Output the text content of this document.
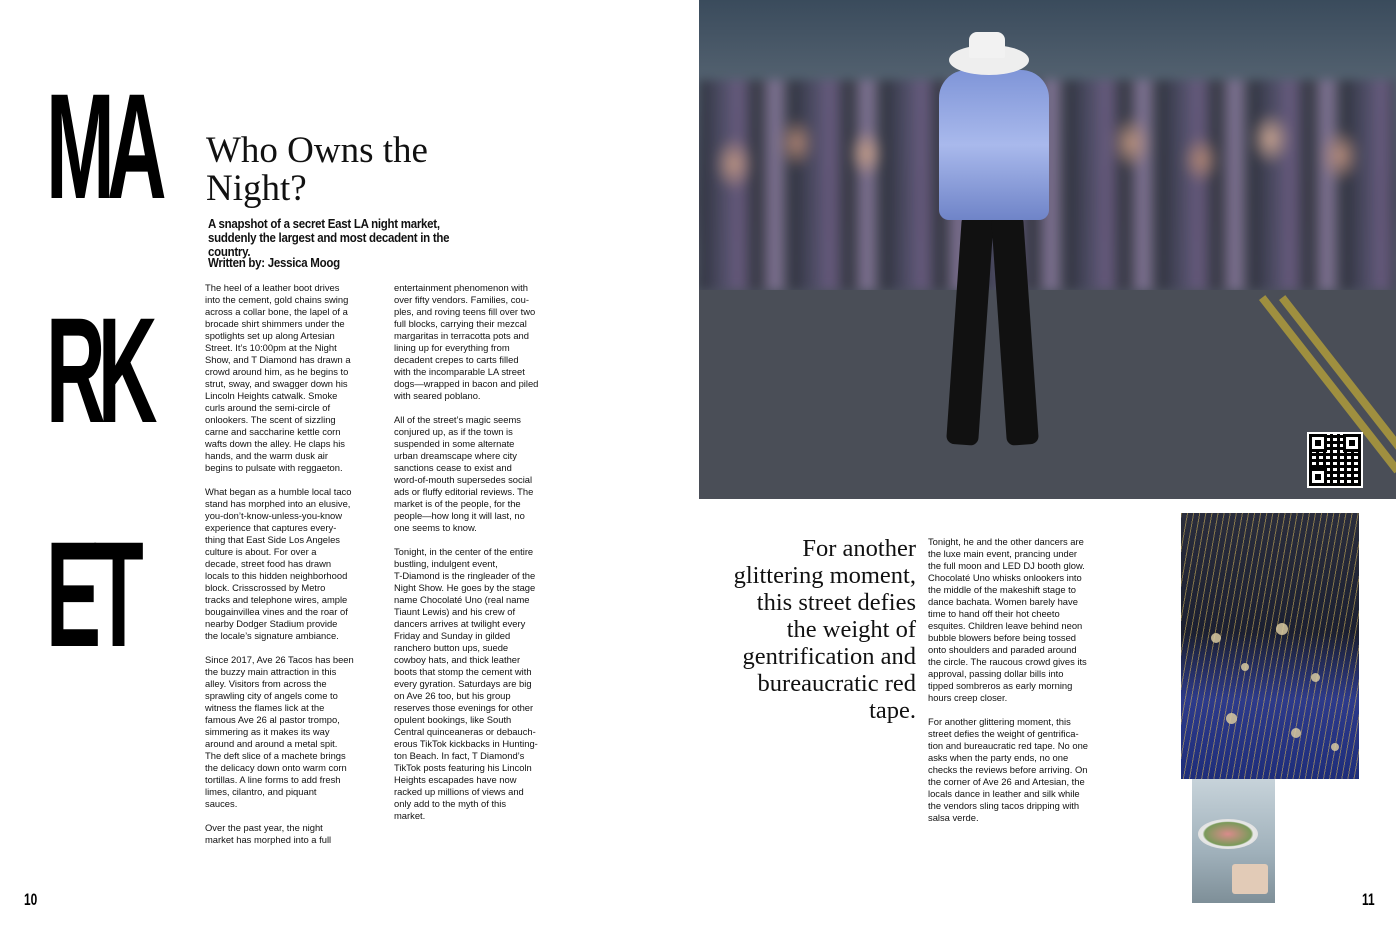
MA
RK
ET
Who Owns the Night?
A snapshot of a secret East LA night market, suddenly the largest and most decadent in the country.
Written by: Jessica Moog

The heel of a leather boot drives
into the cement, gold chains swing
across a collar bone, the lapel of a
brocade shirt shimmers under the
spotlights set up along Artesian
Street. It’s 10:00pm at the Night
Show, and T Diamond has drawn a
crowd around him, as he begins to
strut, sway, and swagger down his
Lincoln Heights catwalk. Smoke
curls around the semi-circle of
onlookers. The scent of sizzling
carne and saccharine kettle corn
wafts down the alley. He claps his
hands, and the warm dusk air
begins to pulsate with reggaeton.

What began as a humble local taco
stand has morphed into an elusive,
you-don’t-know-unless-you-know
experience that captures every-
thing that East Side Los Angeles
culture is about. For over a
decade, street food has drawn
locals to this hidden neighborhood
block. Crisscrossed by Metro
tracks and telephone wires, ample
bougainvillea vines and the roar of
nearby Dodger Stadium provide
the locale’s signature ambiance.

Since 2017, Ave 26 Tacos has been
the buzzy main attraction in this
alley. Visitors from across the
sprawling city of angels come to
witness the flames lick at the
famous Ave 26 al pastor trompo,
simmering as it makes its way
around and around a metal spit.
The deft slice of a machete brings
the delicacy down onto warm corn
tortillas. A line forms to add fresh
limes, cilantro, and piquant
sauces.

Over the past year, the night
market has morphed into a full

entertainment phenomenon with
over fifty vendors. Families, cou-
ples, and roving teens fill over two
full blocks, carrying their mezcal
margaritas in terracotta pots and
lining up for everything from
decadent crepes to carts filled
with the incomparable LA street
dogs—wrapped in bacon and piled
with seared poblano.

All of the street’s magic seems
conjured up, as if the town is
suspended in some alternate
urban dreamscape where city
sanctions cease to exist and
word-of-mouth supersedes social
ads or fluffy editorial reviews. The
market is of the people, for the
people—how long it will last, no
one seems to know.

Tonight, in the center of the entire
bustling, indulgent event,
T-Diamond is the ringleader of the
Night Show. He goes by the stage
name Chocolaté Uno (real name
Tiaunt Lewis) and his crew of
dancers arrives at twilight every
Friday and Sunday in gilded
ranchero button ups, suede
cowboy hats, and thick leather
boots that stomp the cement with
every gyration. Saturdays are big
on Ave 26 too, but his group
reserves those evenings for other
opulent bookings, like South
Central quinceaneras or debauch-
erous TikTok kickbacks in Hunting-
ton Beach. In fact, T Diamond’s
TikTok posts featuring his Lincoln
Heights escapades have now
racked up millions of views and
only add to the myth of this
market.

10
For another glittering moment, this street defies the weight of gentrification and bureaucratic red tape.

Tonight, he and the other dancers are
the luxe main event, prancing under
the full moon and LED DJ booth glow.
Chocolaté Uno whisks onlookers into
the middle of the makeshift stage to
dance bachata. Women barely have
time to hand off their hot cheeto
esquites. Children leave behind neon
bubble blowers before being tossed
onto shoulders and paraded around
the circle. The raucous crowd gives its
approval, passing dollar bills into
tipped sombreros as early morning
hours creep closer.

For another glittering moment, this
street defies the weight of gentrifica-
tion and bureaucratic red tape. No one
asks when the party ends, no one
checks the reviews before arriving. On
the corner of Ave 26 and Artesian, the
locals dance in leather and silk while
the vendors sling tacos dripping with
salsa verde.

11
